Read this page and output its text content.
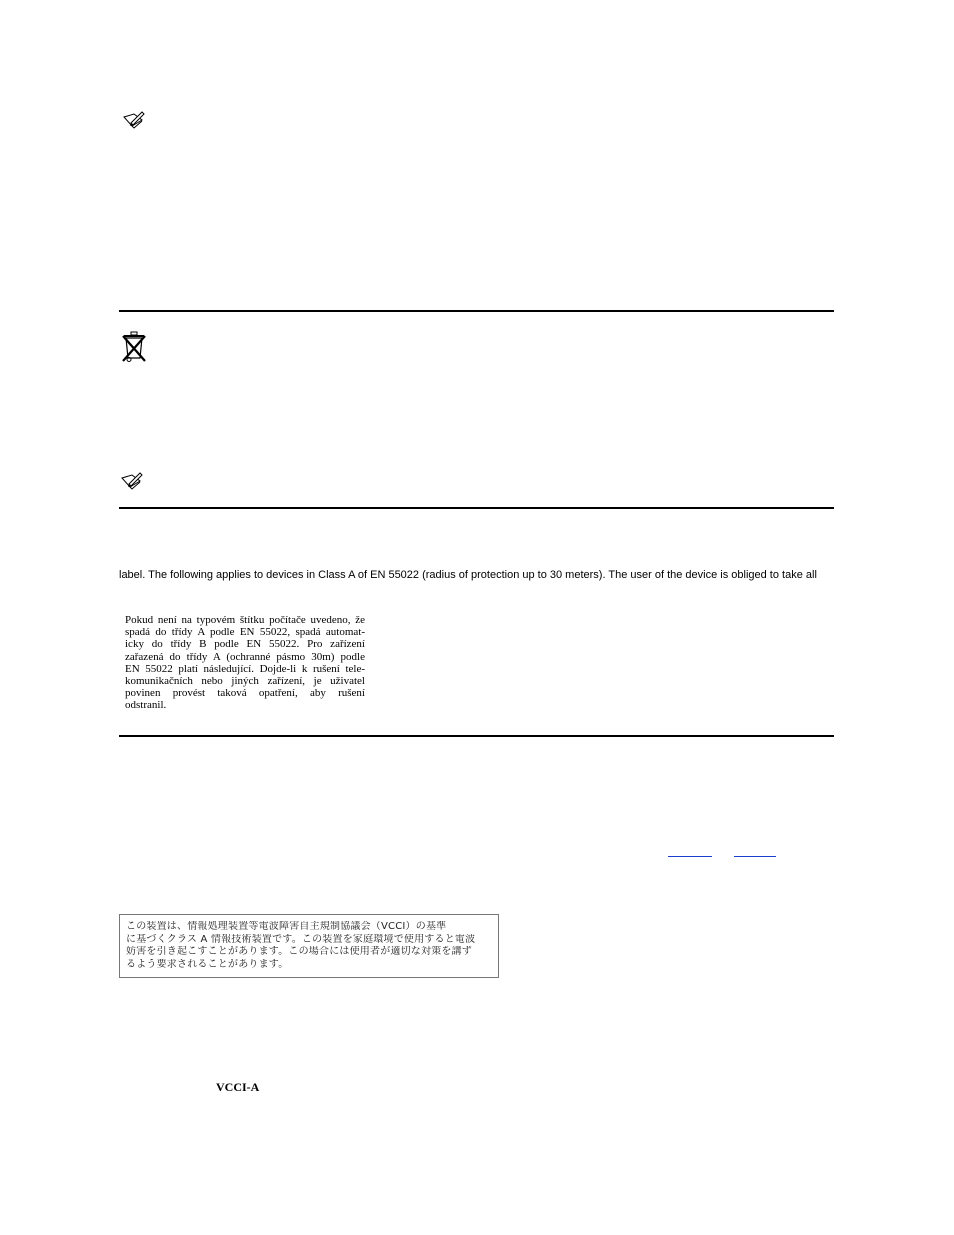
label. The following applies to devices in Class A of EN 55022 (radius of protection up to 30 meters). The user of the device is obliged to take all
Pokud není na typovém štítku počítače uvedeno, že
spadá do třídy A podle EN 55022, spadá automat-
icky do třídy B podle EN 55022. Pro zařízení
zařazená do třídy A (ochranné pásmo 30m) podle
EN 55022 platí následující. Dojde-li k rušení tele-
komunikačních nebo jiných zařízení, je uživatel
povinen provést taková opatření, aby rušení
odstranil.
この装置は、情報処理装置等電波障害自主規制協議会（VCCI）の基準
に基づくクラス A 情報技術装置です。この装置を家庭環境で使用すると電波
妨害を引き起こすことがあります。この場合には使用者が適切な対策を講ず
るよう要求されることがあります。
VCCI-A
